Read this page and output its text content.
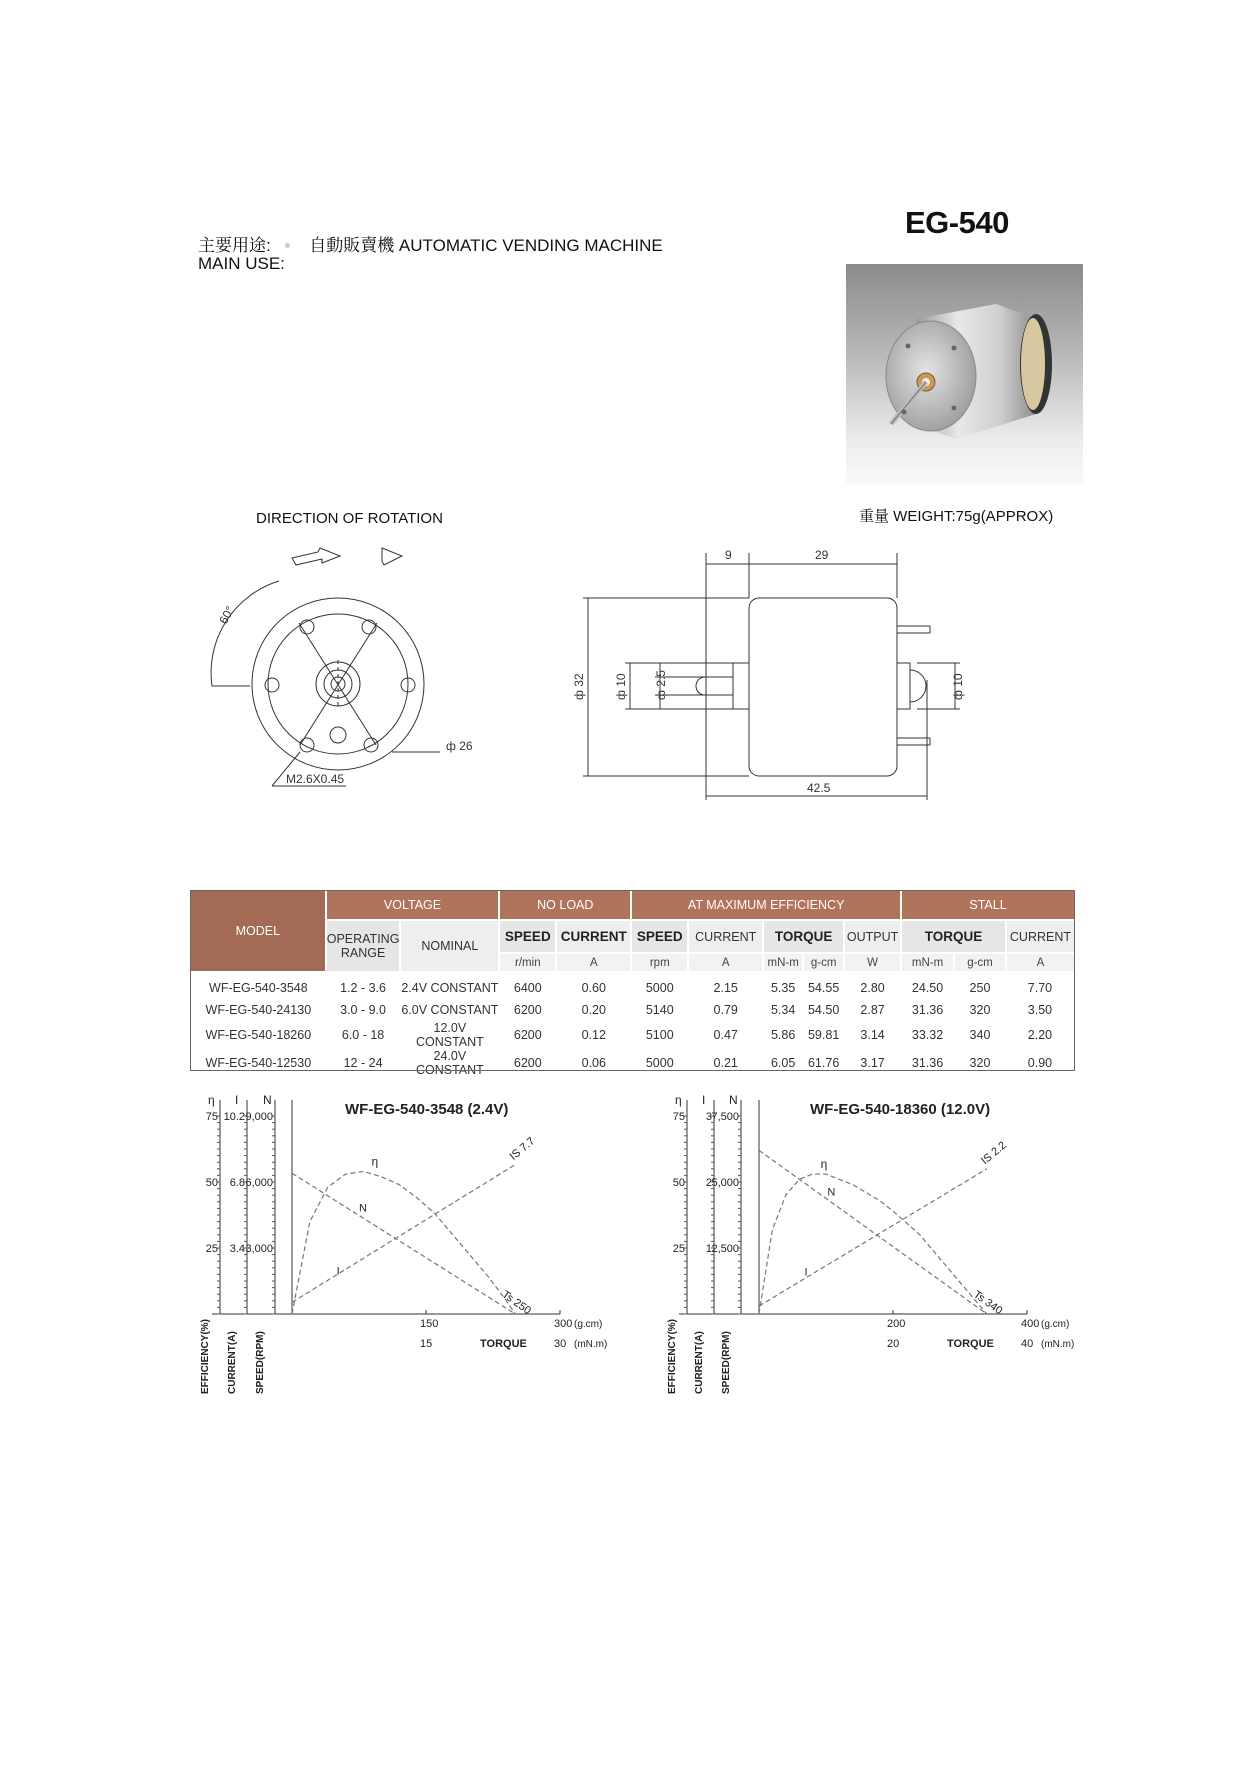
主要用途: 自動販賣機 AUTOMATIC VENDING MACHINE
MAIN USE:
EG-540
重量 WEIGHT:75g(APPROX)
DIRECTION OF ROTATION
60°
ф 26
M2.6X0.45
9	29
ф 32 ф 10 ф 2.5	ф 10
42.5
MODEL	VOLTAGE		NO LOAD		AT MAXIMUM EFFICIENCY					STALL		
	OPERATING RANGE	NOMINAL	SPEED	CURRENT	SPEED	CURRENT	TORQUE		OUTPUT	TORQUE		CURRENT
			r/min	A	rpm	A	mN-m	g-cm	W	mN-m	g-cm	A
WF-EG-540-3548	1.2 - 3.6	2.4V CONSTANT	6400	0.60	5000	2.15	5.35	54.55	2.80	24.50	250	7.70
WF-EG-540-24130	3.0 - 9.0	6.0V CONSTANT	6200	0.20	5140	0.79	5.34	54.50	2.87	31.36	320	3.50
WF-EG-540-18260	6.0 - 18	12.0V CONSTANT	6200	0.12	5100	0.47	5.86	59.81	3.14	33.32	340	2.20
WF-EG-540-12530	12 - 24	24.0V CONSTANT	6200	0.06	5000	0.21	6.05	61.76	3.17	31.36	320	0.90
WF-EG-540-3548 (2.4V)
η
75
50
25
EFFICIENCY(%)
I
10.2
6.8
3.4
CURRENT(A)
N
9,000
6,000
3,000
SPEED(RPM)
150	300
15	30
(g.cm)
(mN.m)
TORQUE
η
N
I
IS 7.7
Ts 250
WF-EG-540-18360 (12.0V)
η
75
50
25
EFFICIENCY(%)
I
3
2
1
CURRENT(A)
N
7,500
5,000
2,500
SPEED(RPM)
200	400
20	40
(g.cm)
(mN.m)
TORQUE
η
N
I
IS 2.2
Ts 340
